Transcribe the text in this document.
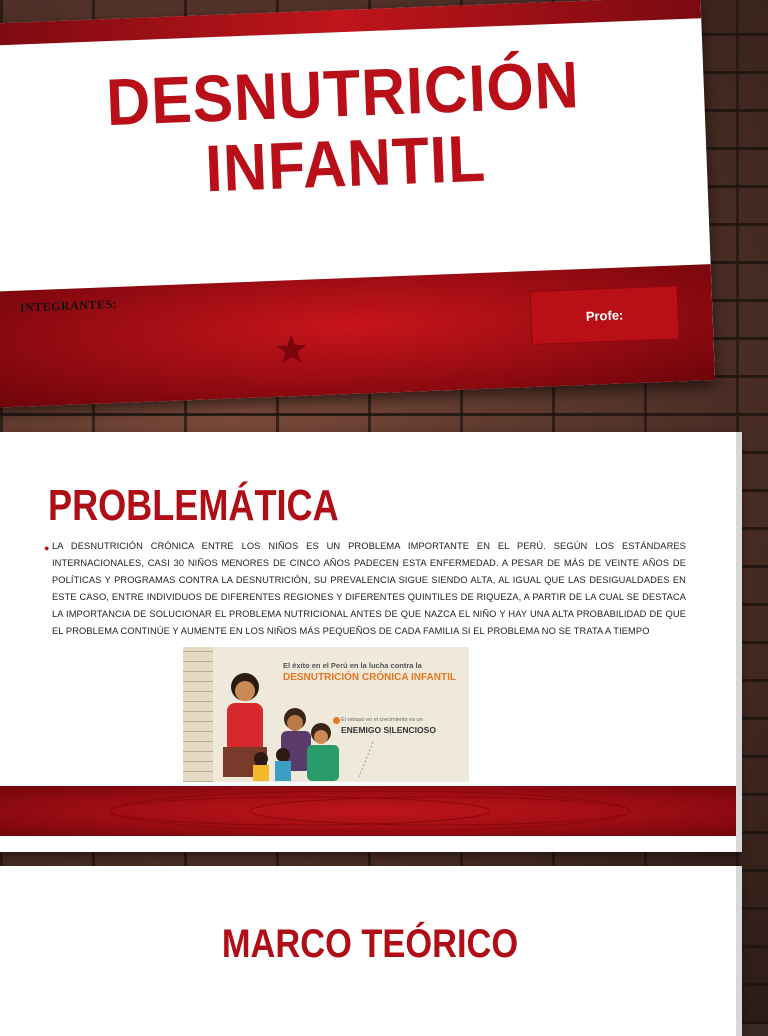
DESNUTRICIÓN
INFANTIL
INTEGRANTES:
★
Profe:
PROBLEMÁTICA
● LA DESNUTRICIÓN CRÓNICA ENTRE LOS NIÑOS ES UN PROBLEMA IMPORTANTE EN EL PERÚ. SEGÚN LOS ESTÁNDARES INTERNACIONALES, CASI 30 NIÑOS MENORES DE CINCO AÑOS PADECEN ESTA ENFERMEDAD. A PESAR DE MÁS DE VEINTE AÑOS DE POLÍTICAS Y PROGRAMAS CONTRA LA DESNUTRICIÓN, SU PREVALENCIA SIGUE SIENDO ALTA, AL IGUAL QUE LAS DESIGUALDADES EN ESTE CASO, ENTRE INDIVIDUOS DE DIFERENTES REGIONES Y DIFERENTES QUINTILES DE RIQUEZA, A PARTIR DE LA CUAL SE DESTACA LA IMPORTANCIA DE SOLUCIONAR EL PROBLEMA NUTRICIONAL ANTES DE QUE NAZCA EL NIÑO Y HAY UNA ALTA PROBABILIDAD DE QUE EL PROBLEMA CONTINÚE Y AUMENTE EN LOS NIÑOS MÁS PEQUEÑOS DE CADA FAMILIA SI EL PROBLEMA NO SE TRATA A TIEMPO
El éxito en el Perú en la lucha contra la
DESNUTRICIÓN CRÓNICA INFANTIL
El retraso en el crecimiento es un
ENEMIGO SILENCIOSO
MARCO TEÓRICO
